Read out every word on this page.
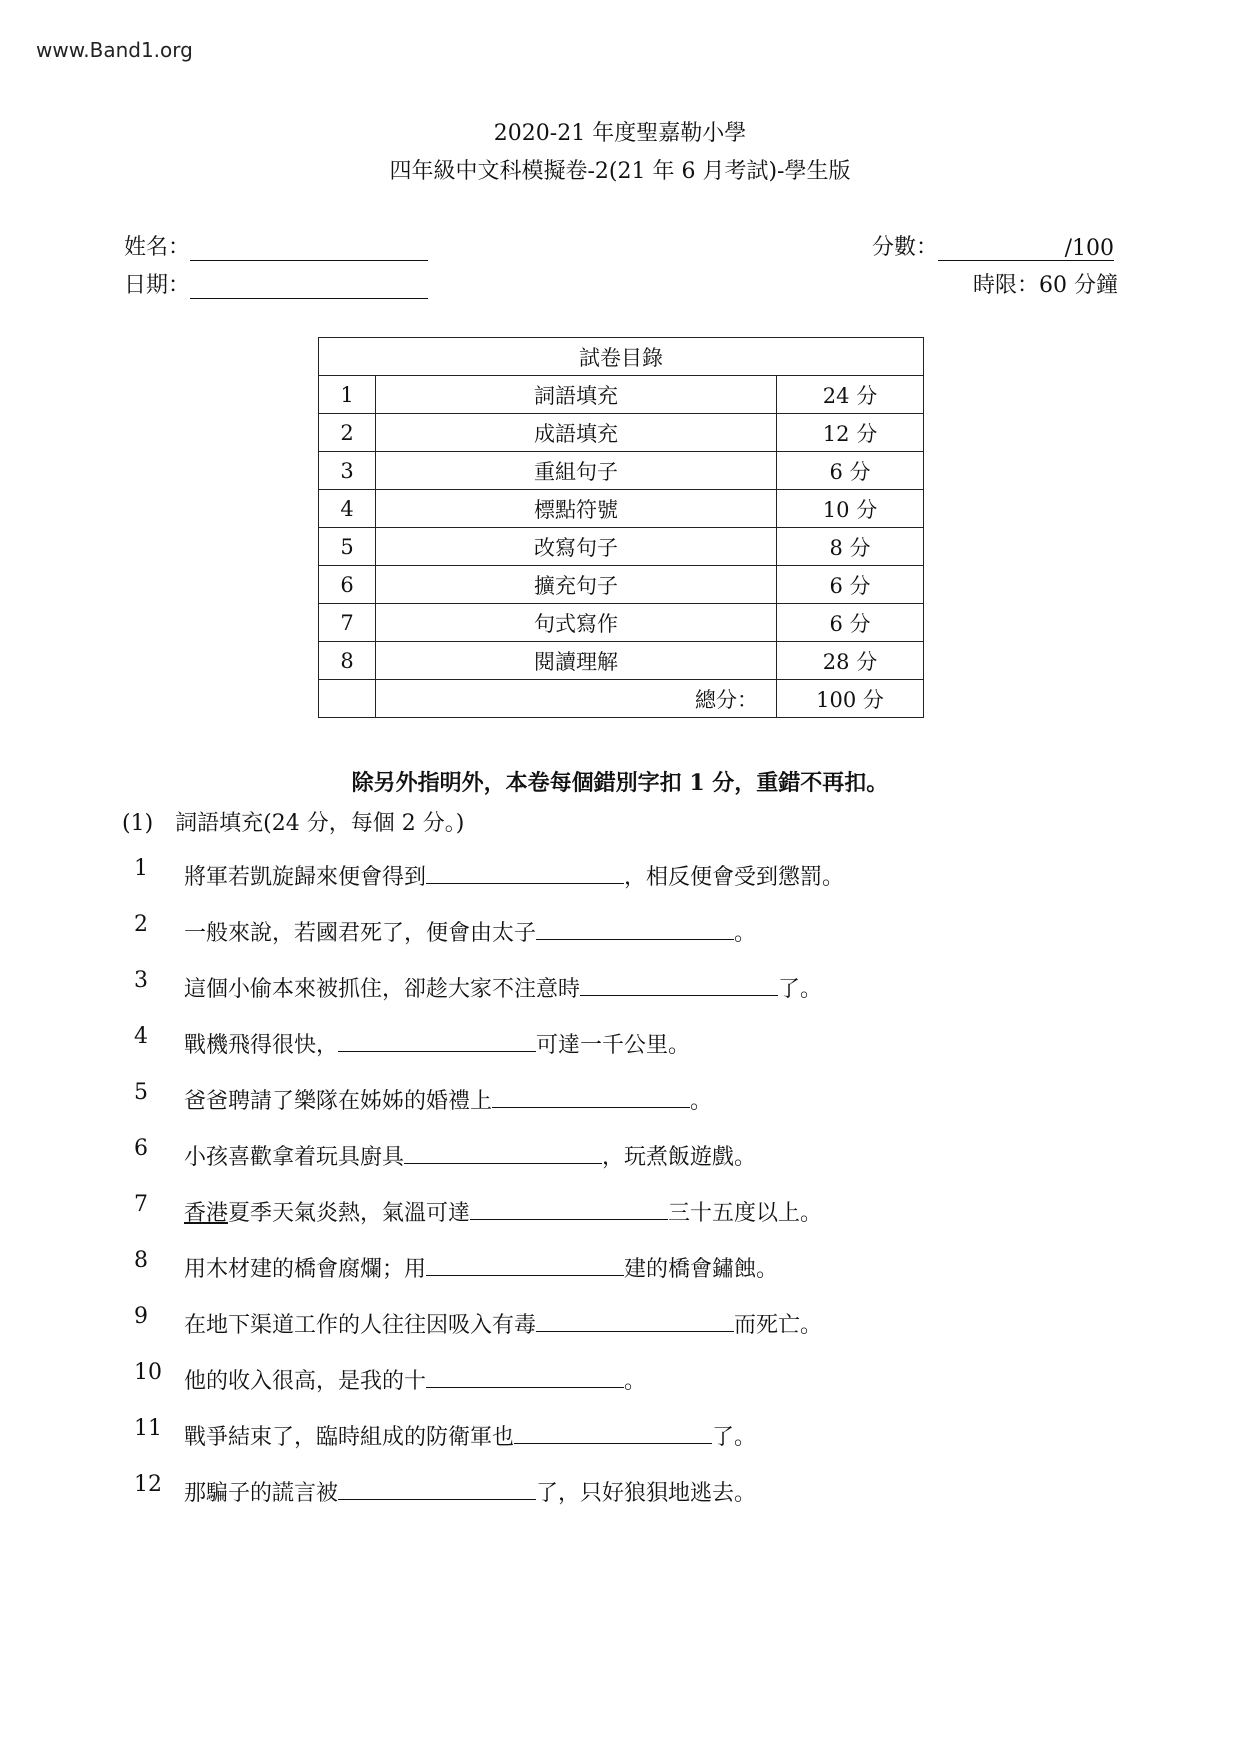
www.Band1.org
2020-21 年度聖嘉勒小學
四年級中文科模擬卷-2(21 年 6 月考試)-學生版
姓名：
日期：
分數：	/100
時限：60 分鐘
試卷目錄		
1	詞語填充	24 分
2	成語填充	12 分
3	重組句子	6 分
4	標點符號	10 分
5	改寫句子	8 分
6	擴充句子	6 分
7	句式寫作	6 分
8	閱讀理解	28 分
	總分：	100 分
除另外指明外，本卷每個錯別字扣 1 分，重錯不再扣。
(1)　詞語填充(24 分，每個 2 分。)
1	將軍若凱旋歸來便會得到	，相反便會受到懲罰。
2	一般來說，若國君死了，便會由太子	。
3	這個小偷本來被抓住，卻趁大家不注意時	了。
4	戰機飛得很快，	可達一千公里。
5	爸爸聘請了樂隊在姊姊的婚禮上	。
6	小孩喜歡拿着玩具廚具	，玩煮飯遊戲。
7	香港夏季天氣炎熱，氣溫可達	三十五度以上。
8	用木材建的橋會腐爛；用	建的橋會鏽蝕。
9	在地下渠道工作的人往往因吸入有毒	而死亡。
10	他的收入很高，是我的十	。
11	戰爭結束了，臨時組成的防衛軍也	了。
12	那騙子的謊言被	了，只好狼狽地逃去。
